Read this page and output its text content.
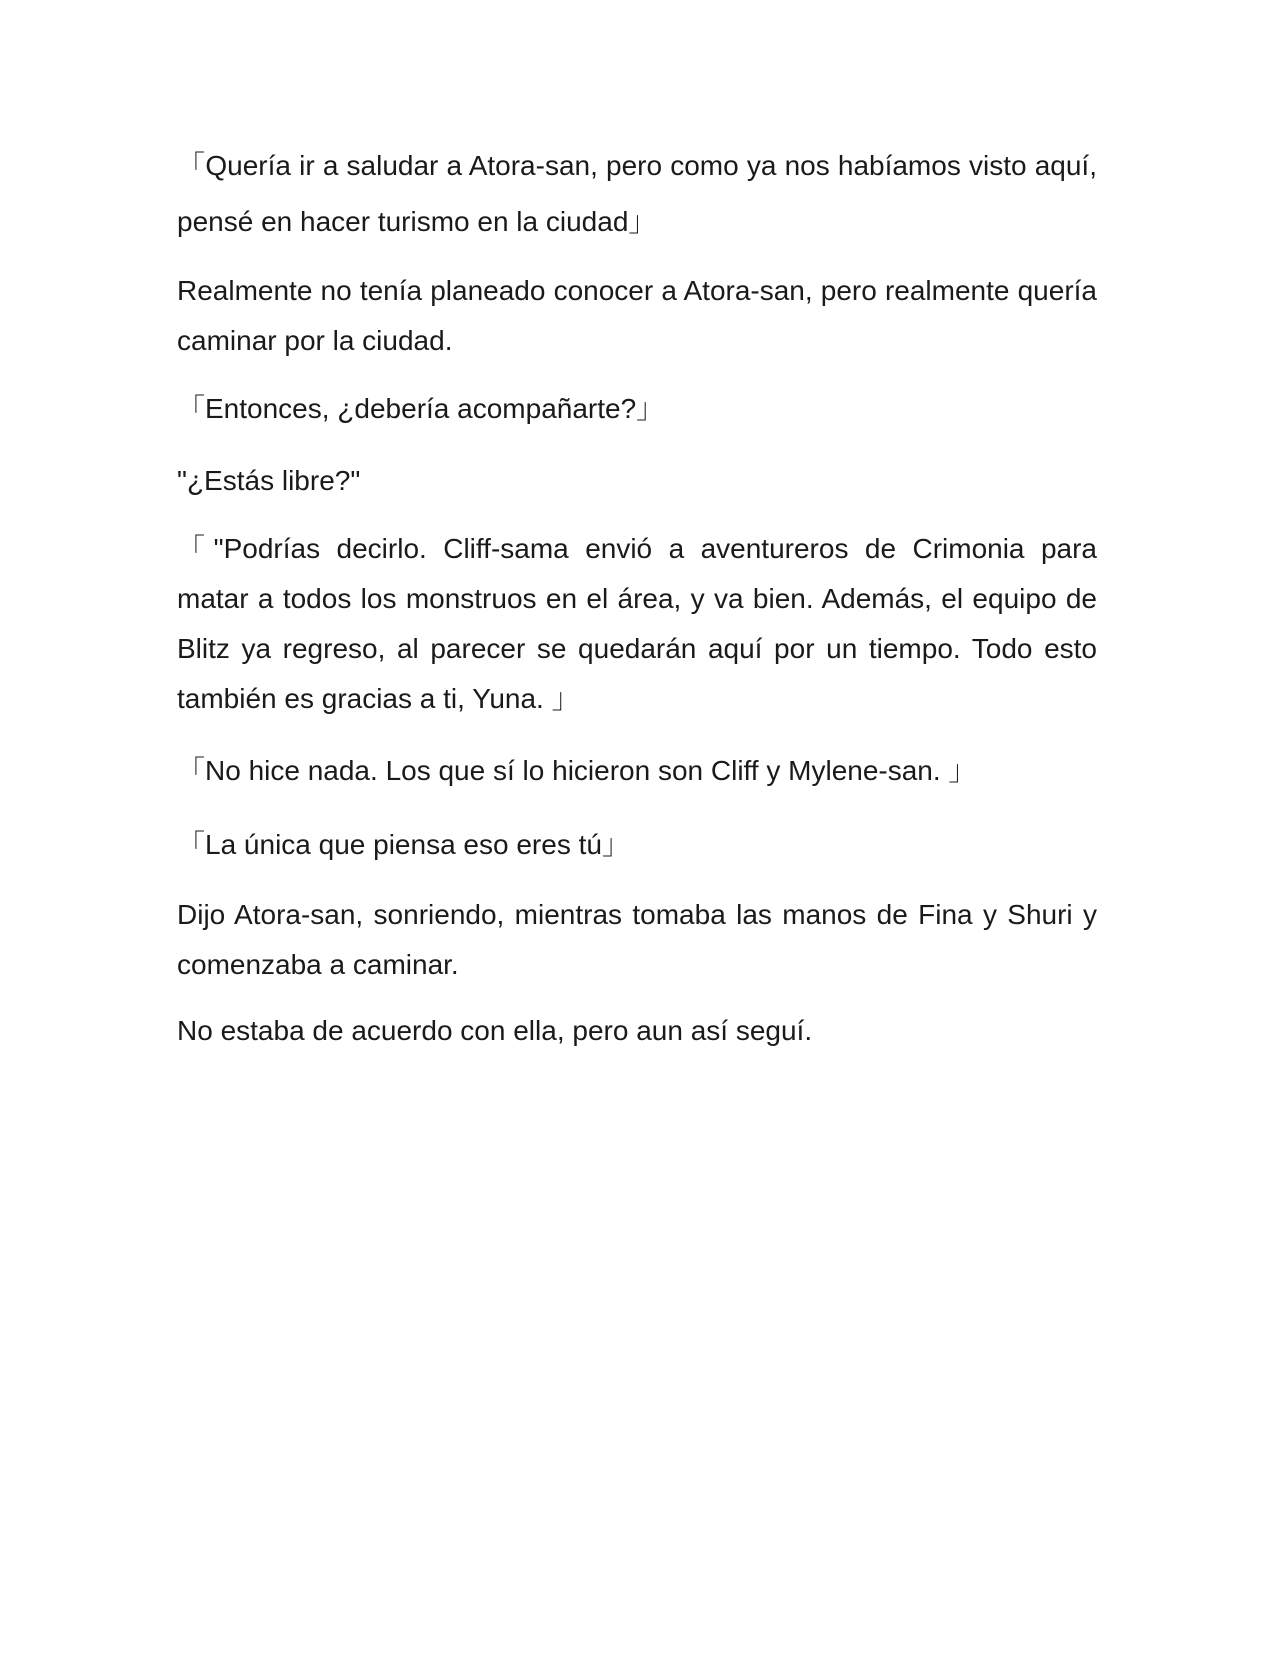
「Quería ir a saludar a Atora-san, pero como ya nos habíamos visto aquí, pensé en hacer turismo en la ciudad」

Realmente no tenía planeado conocer a Atora-san, pero realmente quería caminar por la ciudad.

「Entonces, ¿debería acompañarte?」

"¿Estás libre?"

「"Podrías decirlo. Cliff-sama envió a aventureros de Crimonia para matar a todos los monstruos en el área, y va bien. Además, el equipo de Blitz ya regreso, al parecer se quedarán aquí por un tiempo. Todo esto también es gracias a ti, Yuna. 」

「No hice nada. Los que sí lo hicieron son Cliff y Mylene-san. 」

「La única que piensa eso eres tú」

Dijo Atora-san, sonriendo, mientras tomaba las manos de Fina y Shuri y comenzaba a caminar.

No estaba de acuerdo con ella, pero aun así seguí.
